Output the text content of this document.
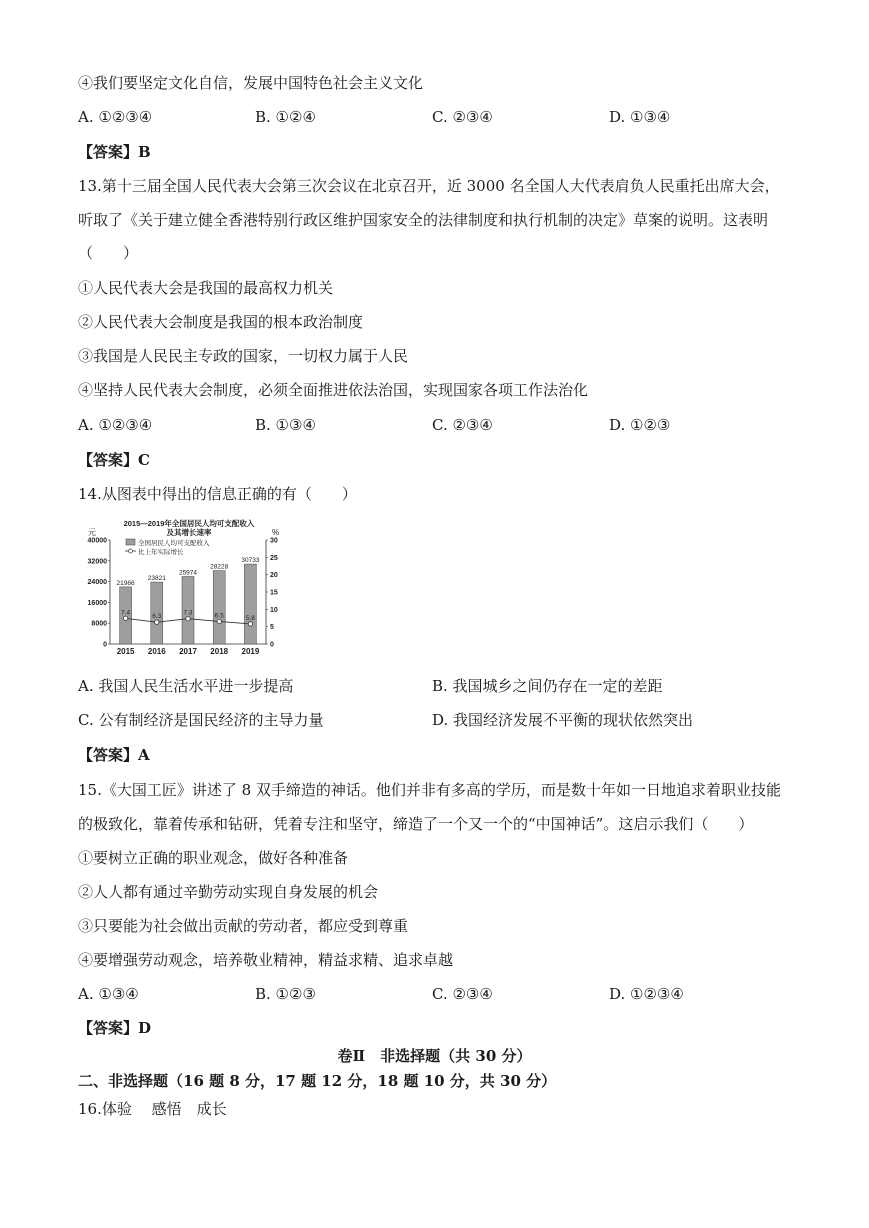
④我们要坚定文化自信，发展中国特色社会主义文化
A. ①②③④	B. ①②④	C. ②③④	D. ①③④
【答案】B
13.第十三届全国人民代表大会第三次会议在北京召开，近 3000 名全国人大代表肩负人民重托出席大会，
听取了《关于建立健全香港特别行政区维护国家安全的法律制度和执行机制的决定》草案的说明。这表明
（　　）
①人民代表大会是我国的最高权力机关
②人民代表大会制度是我国的根本政治制度
③我国是人民民主专政的国家，一切权力属于人民
④坚持人民代表大会制度，必须全面推进依法治国，实现国家各项工作法治化
A. ①②③④	B. ①③④	C. ②③④	D. ①②③
【答案】C
14.从图表中得出的信息正确的有（　　）
2015—2019年全国居民人均可支配收入
及其增长速率
元	%
全国居民人均可支配收入
比上年实际增长
0
8000
16000
24000
32000
40000
0
5
10
15
20
25
30
2015 2016 2017 2018 2019
21966
23821
25974
28228
30733
7.4
6.3	7.3	6.5	5.8
A. 我国人民生活水平进一步提高	B. 我国城乡之间仍存在一定的差距
C. 公有制经济是国民经济的主导力量	D. 我国经济发展不平衡的现状依然突出
【答案】A
15.《大国工匠》讲述了 8 双手缔造的神话。他们并非有多高的学历，而是数十年如一日地追求着职业技能
的极致化，靠着传承和钻研，凭着专注和坚守，缔造了一个又一个的“中国神话”。这启示我们（　　）
①要树立正确的职业观念，做好各种准备
②人人都有通过辛勤劳动实现自身发展的机会
③只要能为社会做出贡献的劳动者，都应受到尊重
④要增强劳动观念，培养敬业精神，精益求精、追求卓越
A. ①③④	B. ①②③	C. ②③④	D. ①②③④
【答案】D
卷Ⅱ　非选择题（共 30 分）
二、非选择题（16 题 8 分，17 题 12 分，18 题 10 分，共 30 分）
16.体验　 感悟　成长
